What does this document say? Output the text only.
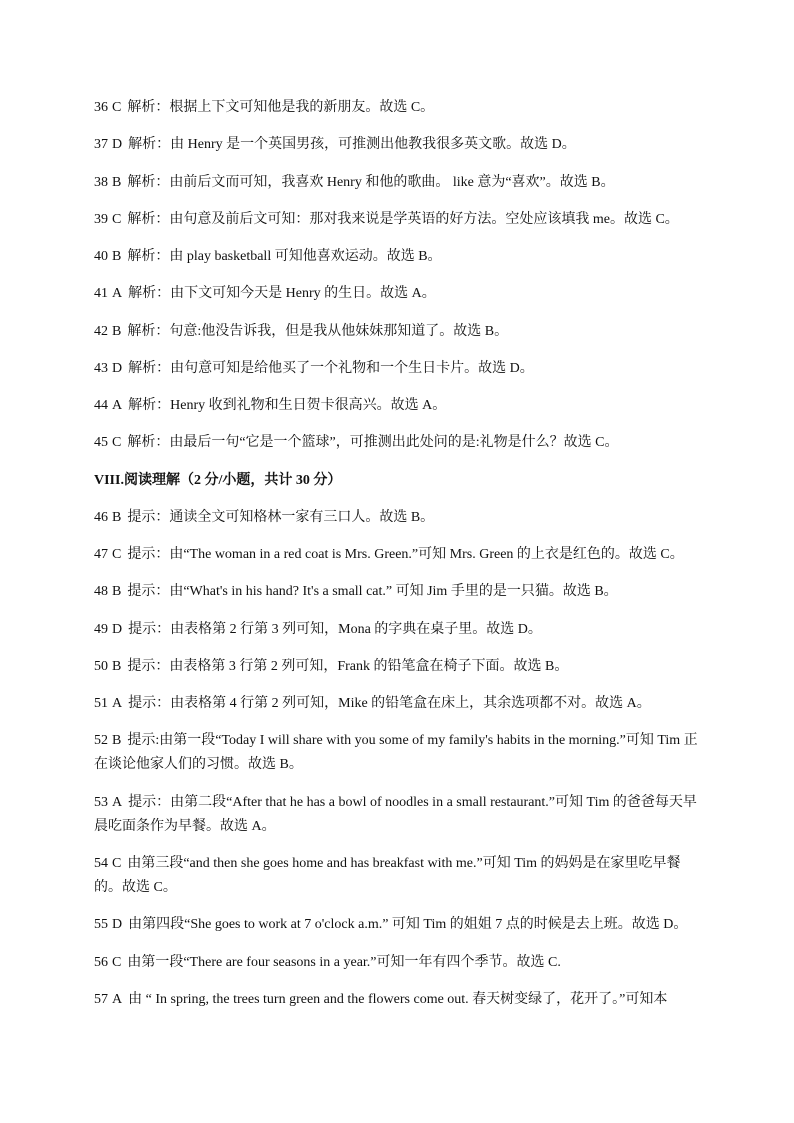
36 C 解析：根据上下文可知他是我的新朋友。故选 C。
37 D 解析：由 Henry 是一个英国男孩，可推测出他教我很多英文歌。故选 D。
38 B 解析：由前后文而可知，我喜欢 Henry 和他的歌曲。 like 意为“喜欢”。故选 B。
39 C 解析：由句意及前后文可知：那对我来说是学英语的好方法。空处应该填我 me。故选 C。
40 B 解析：由 play basketball 可知他喜欢运动。故选 B。
41 A 解析：由下文可知今天是 Henry 的生日。故选 A。
42 B 解析：句意:他没告诉我，但是我从他妹妹那知道了。故选 B。
43 D 解析：由句意可知是给他买了一个礼物和一个生日卡片。故选 D。
44 A 解析：Henry 收到礼物和生日贺卡很高兴。故选 A。
45 C 解析：由最后一句“它是一个篮球”，可推测出此处问的是:礼物是什么？故选 C。
VIII.阅读理解（2 分/小题，共计 30 分）
46 B 提示：通读全文可知格林一家有三口人。故选 B。
47 C 提示：由“The woman in a red coat is Mrs. Green.”可知 Mrs. Green 的上衣是红色的。故选 C。
48 B 提示：由“What's in his hand? It's a small cat.” 可知 Jim 手里的是一只猫。故选 B。
49 D 提示：由表格第 2 行第 3 列可知，Mona 的字典在桌子里。故选 D。
50 B 提示：由表格第 3 行第 2 列可知，Frank 的铅笔盒在椅子下面。故选 B。
51 A 提示：由表格第 4 行第 2 列可知，Mike 的铅笔盒在床上，其余选项都不对。故选 A。
52 B 提示:由第一段“Today I will share with you some of my family's habits in the morning.”可知 Tim 正在谈论他家人们的习惯。故选 B。
53 A 提示：由第二段“After that he has a bowl of noodles in a small restaurant.”可知 Tim 的爸爸每天早晨吃面条作为早餐。故选 A。
54 C 由第三段“and then she goes home and has breakfast with me.”可知 Tim 的妈妈是在家里吃早餐的。故选 C。
55 D 由第四段“She goes to work at 7 o'clock a.m.” 可知 Tim 的姐姐 7 点的时候是去上班。故选 D。
56 C 由第一段“There are four seasons in a year.”可知一年有四个季节。故选 C.
57 A 由 “ In spring, the trees turn green and the flowers come out. 春天树变绿了，花开了。”可知本
